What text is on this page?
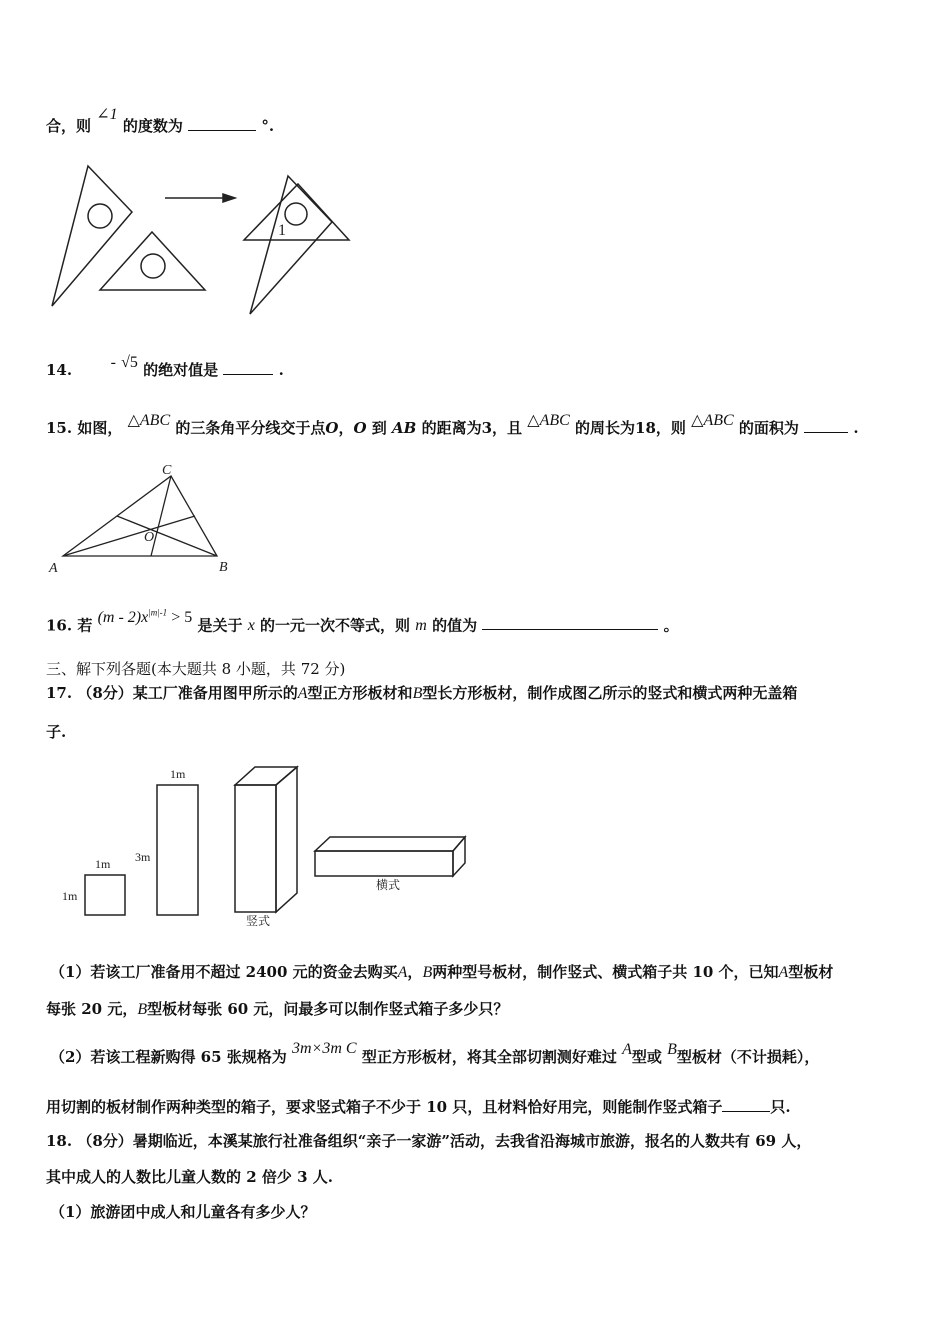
合，则 ∠1 的度数为	°.
1
14. - √5 的绝对值是	.
15. 如图， △ABC 的三条角平分线交于点O，O 到 AB 的距离为3，且 △ABC 的周长为18，则 △ABC 的面积为	.
A	B
C
O
16. 若 $(m - 2)x^{|m|-1} > 5$ 是关于 x 的一元一次不等式，则 m 的值为	。
三、解下列各题(本大题共 8 小题，共 72 分)
17. （8分）某工厂准备用图甲所示的A型正方形板材和B型长方形板材，制作成图乙所示的竖式和横式两种无盖箱
子.
1m
1m
1m
3m
竖式
横式
（1）若该工厂准备用不超过 2400 元的资金去购买A，B两种型号板材，制作竖式、横式箱子共 10 个，已知A型板材
每张 20 元，B型板材每张 60 元，问最多可以制作竖式箱子多少只？
（2）若该工程新购得 65 张规格为 3m×3m C 型正方形板材，将其全部切割测好难过 A型或 B型板材（不计损耗），
用切割的板材制作两种类型的箱子，要求竖式箱子不少于 10 只，且材料恰好用完，则能制作竖式箱子	只.
18. （8分）暑期临近，本溪某旅行社准备组织“亲子一家游”活动，去我省沿海城市旅游，报名的人数共有 69 人，
其中成人的人数比儿童人数的 2 倍少 3 人.
（1）旅游团中成人和儿童各有多少人？
